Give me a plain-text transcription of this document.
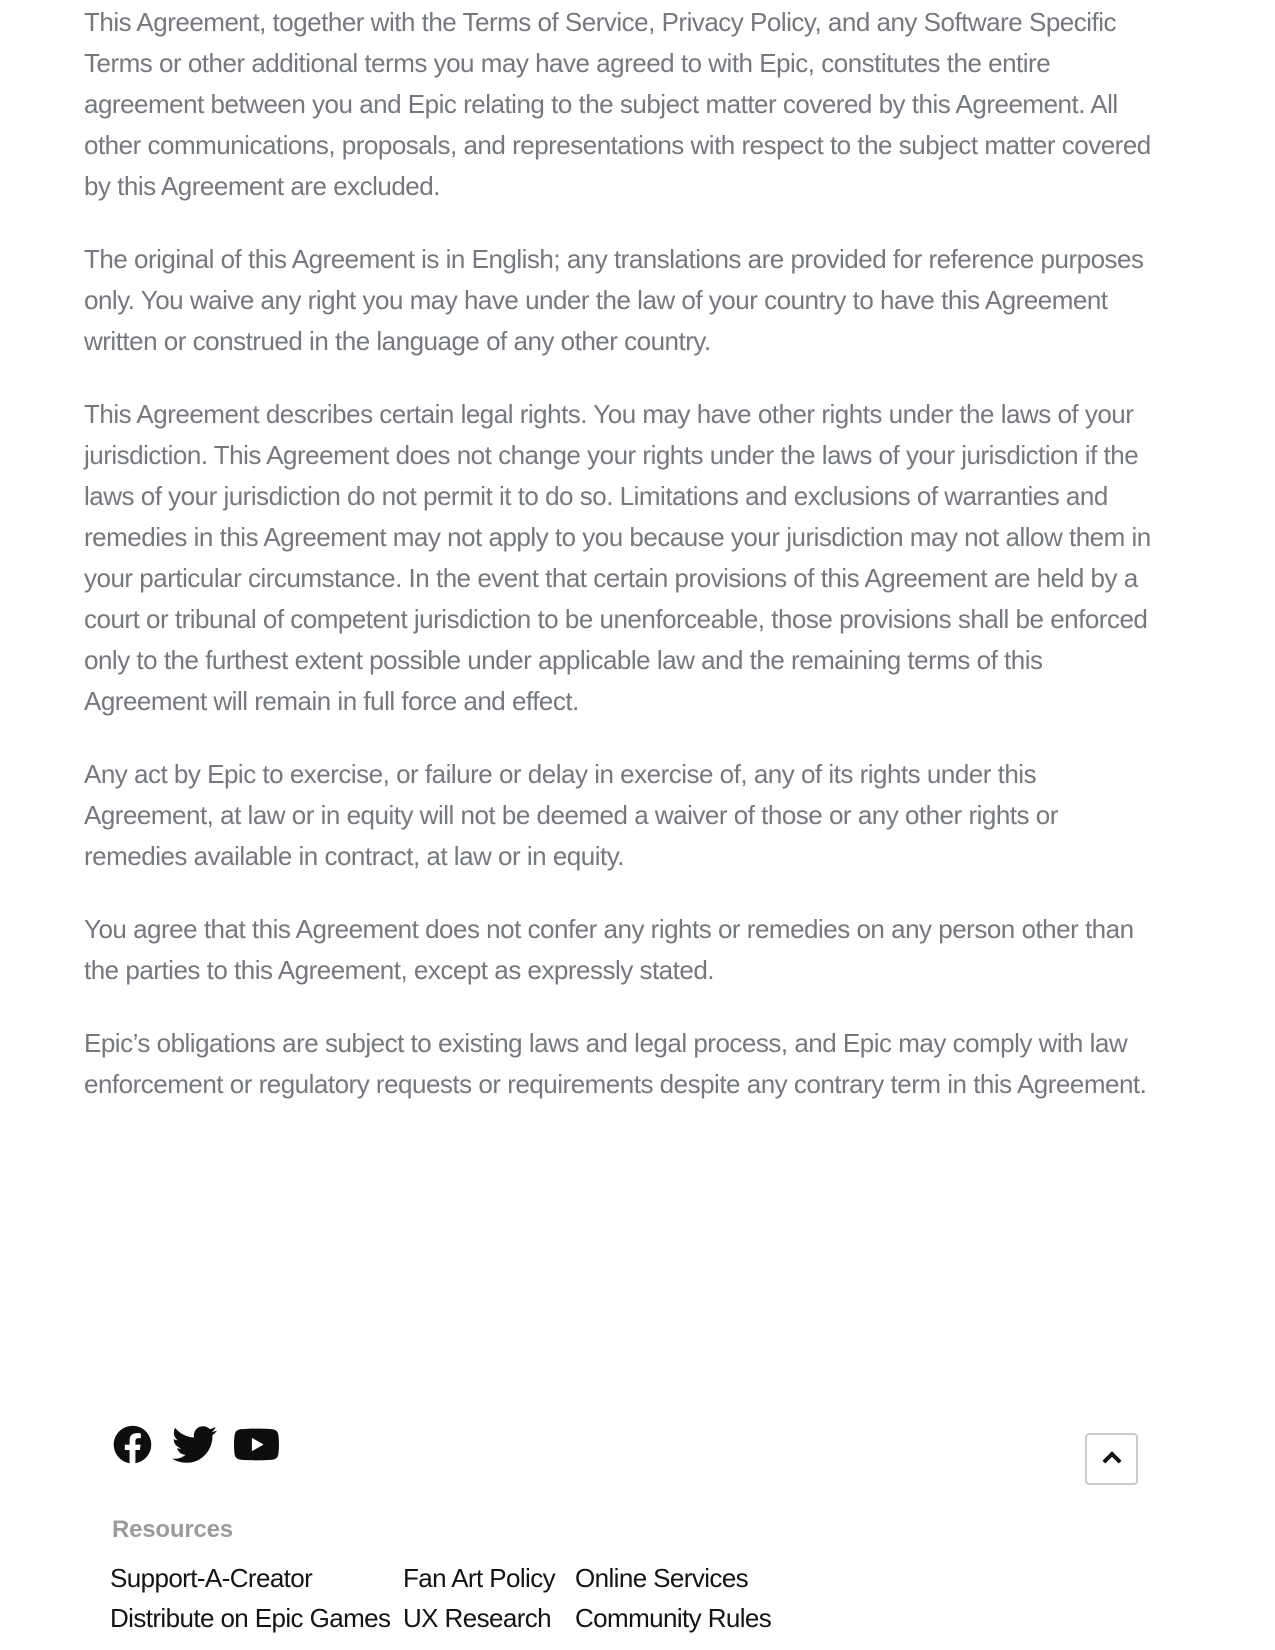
This Agreement, together with the Terms of Service, Privacy Policy, and any Software Specific Terms or other additional terms you may have agreed to with Epic, constitutes the entire agreement between you and Epic relating to the subject matter covered by this Agreement. All other communications, proposals, and representations with respect to the subject matter covered by this Agreement are excluded.

The original of this Agreement is in English; any translations are provided for reference purposes only. You waive any right you may have under the law of your country to have this Agreement written or construed in the language of any other country.

This Agreement describes certain legal rights. You may have other rights under the laws of your jurisdiction. This Agreement does not change your rights under the laws of your jurisdiction if the laws of your jurisdiction do not permit it to do so. Limitations and exclusions of warranties and remedies in this Agreement may not apply to you because your jurisdiction may not allow them in your particular circumstance. In the event that certain provisions of this Agreement are held by a court or tribunal of competent jurisdiction to be unenforceable, those provisions shall be enforced only to the furthest extent possible under applicable law and the remaining terms of this Agreement will remain in full force and effect.

Any act by Epic to exercise, or failure or delay in exercise of, any of its rights under this Agreement, at law or in equity will not be deemed a waiver of those or any other rights or remedies available in contract, at law or in equity.

You agree that this Agreement does not confer any rights or remedies on any person other than the parties to this Agreement, except as expressly stated.

Epic’s obligations are subject to existing laws and legal process, and Epic may comply with law enforcement or regulatory requests or requirements despite any contrary term in this Agreement.

Resources
Support-A-Creator
Distribute on Epic Games
Fan Art Policy
UX Research
Online Services
Community Rules
